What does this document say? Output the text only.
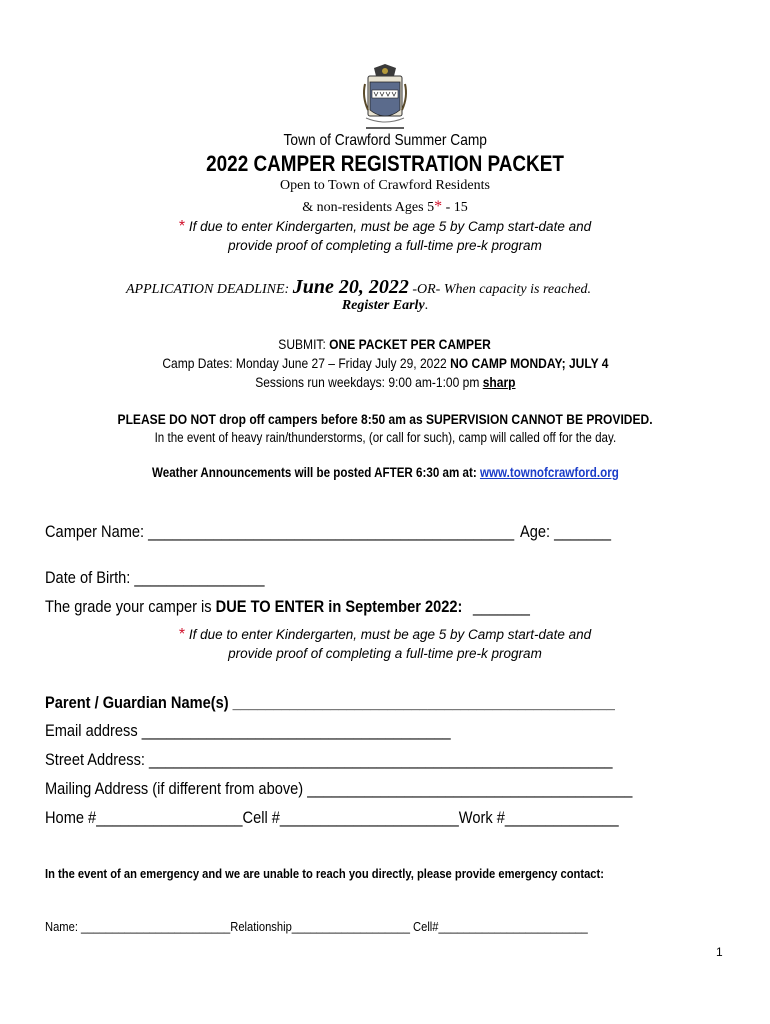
Town of Crawford Summer Camp
2022 CAMPER REGISTRATION PACKET
Open to Town of Crawford Residents
& non-residents Ages 5* - 15
* If due to enter Kindergarten, must be age 5 by Camp start-date and
provide proof of completing a full-time pre-k program
APPLICATION DEADLINE: June 20, 2022 -OR- When capacity is reached.
Register Early.
SUBMIT: ONE PACKET PER CAMPER
Camp Dates: Monday June 27 – Friday July 29, 2022 NO CAMP MONDAY; JULY 4
Sessions run weekdays: 9:00 am-1:00 pm sharp
PLEASE DO NOT drop off campers before 8:50 am as SUPERVISION CANNOT BE PROVIDED.
In the event of heavy rain/thunderstorms, (or call for such), camp will called off for the day.
Weather Announcements will be posted AFTER 6:30 am at: www.townofcrawford.org
Camper Name: _____________________________________________ Age: _______
Date of Birth: ________________
The grade your camper is DUE TO ENTER in September 2022: _______
* If due to enter Kindergarten, must be age 5 by Camp start-date and
provide proof of completing a full-time pre-k program
Parent / Guardian Name(s) _______________________________________________
Email address ______________________________________
Street Address: _________________________________________________________
Mailing Address (if different from above) ________________________________________
Home #__________________Cell #______________________Work #______________
In the event of an emergency and we are unable to reach you directly, please provide emergency contact:
Name: ________________________Relationship___________________ Cell#________________________
1
